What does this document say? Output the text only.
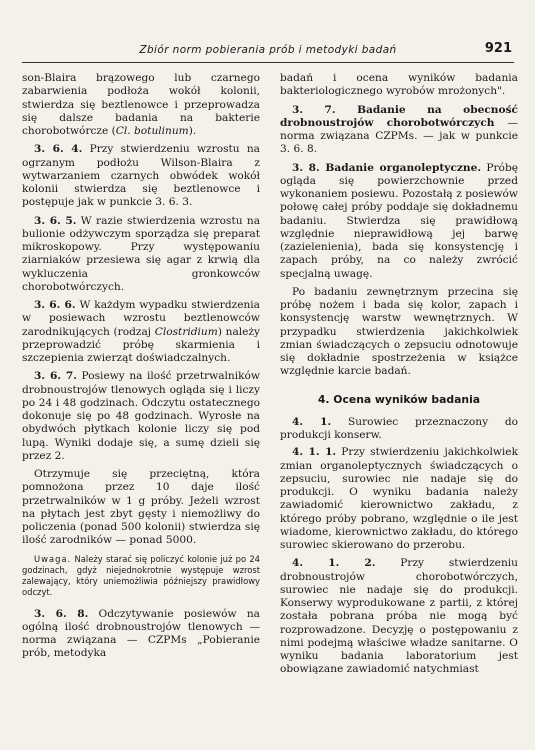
Zbiór norm pobierania prób i metodyki badań	921

son-Blaira brązowego lub czarnego zabarwienia podłoża wokół kolonii, stwierdza się beztlenowce i przeprowadza się dalsze badania na bakterie chorobotwórcze (Cl. botulinum).

3. 6. 4. Przy stwierdzeniu wzrostu na ogrzanym podłożu Wilson-Blaira z wytwarzaniem czarnych obwódek wokół kolonii stwierdza się beztlenowce i postępuje jak w punkcie 3. 6. 3.

3. 6. 5. W razie stwierdzenia wzrostu na bulionie odżywczym sporządza się preparat mikroskopowy. Przy występowaniu ziarniaków przesiewa się agar z krwią dla wykluczenia gronkowców chorobotwórczych.

3. 6. 6. W każdym wypadku stwierdzenia w posiewach wzrostu beztlenowców zarodnikujących (rodzaj Clostridium) należy przeprowadzić próbę skarmienia i szczepienia zwierząt doświadczalnych.

3. 6. 7. Posiewy na ilość przetrwalników drobnoustrojów tlenowych ogląda się i liczy po 24 i 48 godzinach. Odczytu ostatecznego dokonuje się po 48 godzinach. Wyrosłe na obydwóch płytkach kolonie liczy się pod lupą. Wyniki dodaje się, a sumę dzieli się przez 2.

Otrzymuje się przeciętną, która pomnożona przez 10 daje ilość przetrwalników w 1 g próby. Jeżeli wzrost na płytach jest zbyt gęsty i niemożliwy do policzenia (ponad 500 kolonii) stwierdza się ilość zarodników — ponad 5000.

Uwaga. Należy starać się policzyć kolonie już po 24 godzinach, gdyż niejednokrotnie występuje wzrost zalewający, który uniemożliwia późniejszy prawidłowy odczyt.

3. 6. 8. Odczytywanie posiewów na ogólną ilość drobnoustrojów tlenowych — norma związana — CZPMs „Pobieranie prób, metodyka

badań i ocena wyników badania bakteriologicznego wyrobów mrożonych".

3. 7. Badanie na obecność drobnoustrojów chorobotwórczych — norma związana CZPMs. — jak w punkcie 3. 6. 8.

3. 8. Badanie organoleptyczne. Próbę ogląda się powierzchownie przed wykonaniem posiewu. Pozostałą z posiewów połowę całej próby poddaje się dokładnemu badaniu. Stwierdza się prawidłową względnie nieprawidłową jej barwę (zazielenienia), bada się konsystencję i zapach próby, na co należy zwrócić specjalną uwagę.

Po badaniu zewnętrznym przecina się próbę nożem i bada się kolor, zapach i konsystencję warstw wewnętrznych. W przypadku stwierdzenia jakichkolwiek zmian świadczących o zepsuciu odnotowuje się dokładnie spostrzeżenia w książce względnie karcie badań.

4. Ocena wyników badania

4. 1. Surowiec przeznaczony do produkcji konserw.

4. 1. 1. Przy stwierdzeniu jakichkolwiek zmian organoleptycznych świadczących o zepsuciu, surowiec nie nadaje się do produkcji. O wyniku badania należy zawiadomić kierownictwo zakładu, z którego próby pobrano, względnie o ile jest wiadome, kierownictwo zakładu, do którego surowiec skierowano do przerobu.

4. 1. 2. Przy stwierdzeniu drobnoustrojów chorobotwórczych, surowiec nie nadaje się do produkcji. Konserwy wyprodukowane z partii, z której została pobrana próba nie mogą być rozprowadzone. Decyzję o postępowaniu z nimi podejmą właściwe władze sanitarne. O wyniku badania laboratorium jest obowiązane zawiadomić natychmiast
